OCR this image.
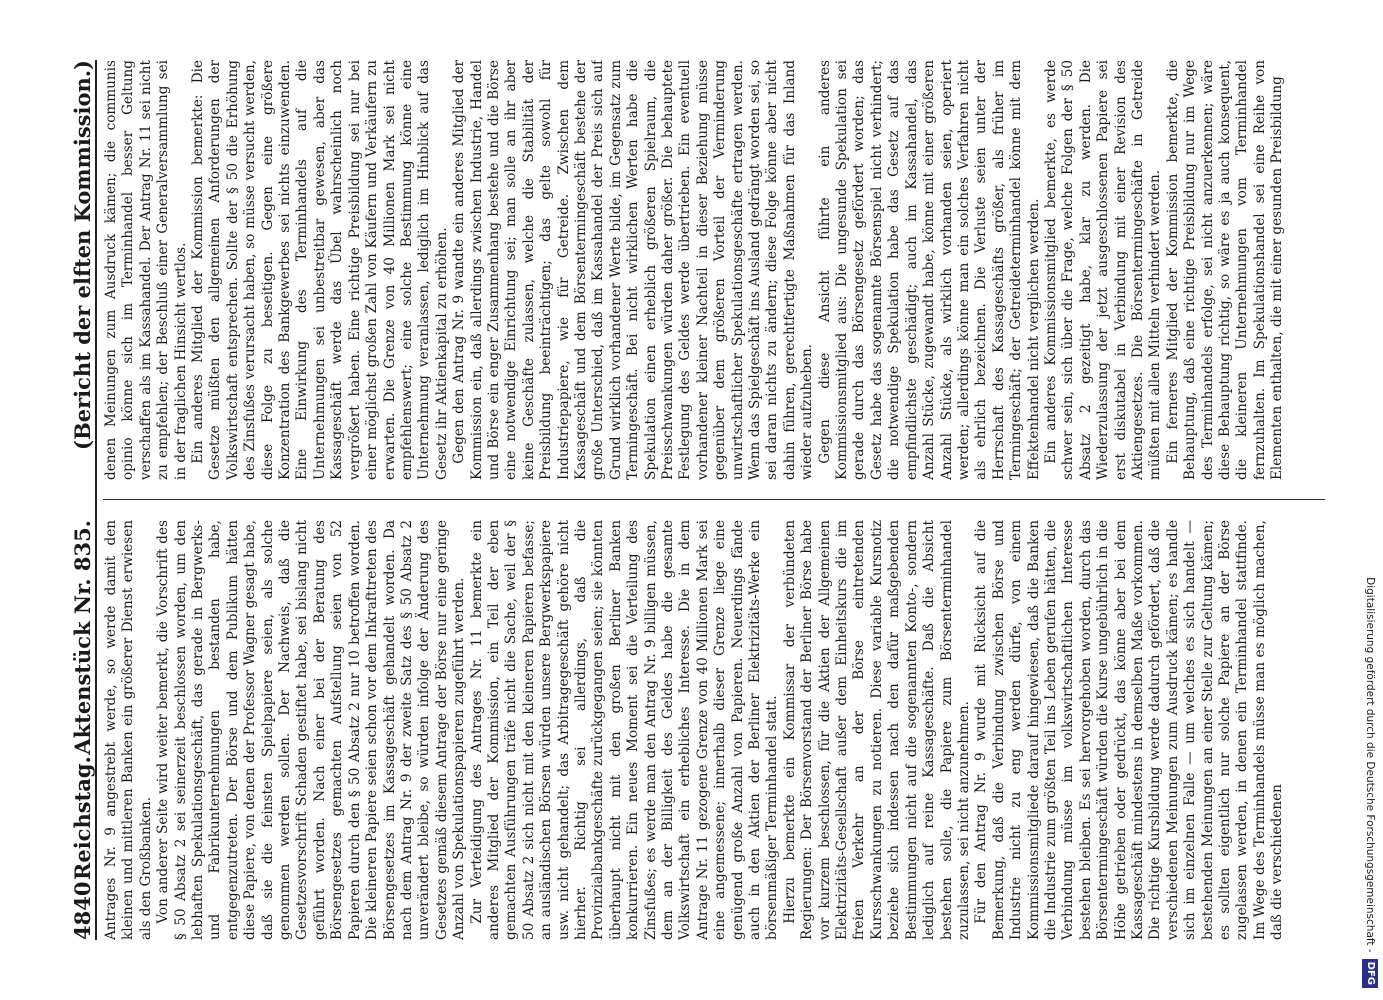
4840
Reichstag.
Aktenstück Nr. 835.
(Bericht der elften Kommission.)

Antrages Nr. 9 angestrebt werde, so werde damit den kleinen und mittleren Banken ein größerer Dienst erwiesen als den Großbanken. Von anderer Seite wird weiter bemerkt, die Vorschrift des § 50 Absatz 2 sei seinerzeit beschlossen worden, um den lebhaften Spekulationsgeschäft, das gerade in Bergwerks- und Fabrikunternehmungen bestanden habe, entgegenzutreten. Der Börse und dem Publikum hätten diese Papiere, von denen der Professor Wagner gesagt habe, daß sie die feinsten Spielpapiere seien, als solche genommen werden sollen. Der Nachweis, daß die Gesetzesvorschrift Schaden gestiftet habe, sei bislang nicht geführt worden. Nach einer bei der Beratung des Börsengesetzes gemachten Aufstellung seien von 52 Papieren durch den § 50 Absatz 2 nur 10 betroffen worden. Die kleineren Papiere seien schon vor dem Inkrafttreten des Börsengesetzes im Kassageschäft gehandelt worden. Da nach dem Antrag Nr. 9 der zweite Satz des § 50 Absatz 2 unverändert bleibe, so würden infolge der Änderung des Gesetzes gemäß diesem Antrage der Börse nur eine geringe Anzahl von Spekulationspapieren zugeführt werden. Zur Verteidigung des Antrages Nr. 11 bemerkte ein anderes Mitglied der Kommission, ein Teil der eben gemachten Ausführungen träfe nicht die Sache, weil der § 50 Absatz 2 sich nicht mit den kleineren Papieren befasse; an ausländischen Börsen würden unsere Bergwerkspapiere usw. nicht gehandelt; das Arbitragegeschäft gehöre nicht hierher. Richtig sei allerdings, daß die Provinzialbankgeschäfte zurückgegangen seien; sie könnten überhaupt nicht mit den großen Berliner Banken konkurrieren. Ein neues Moment sei die Verteilung des Zinsfußes; es werde man den Antrag Nr. 9 billigen müssen, dem an der Billigkeit des Geldes habe die gesamte Volkswirtschaft ein erhebliches Interesse. Die in dem Antrage Nr. 11 gezogene Grenze von 40 Millionen Mark sei eine angemessene; innerhalb dieser Grenze liege eine genügend große Anzahl von Papieren. Neuerdings fände auch in den Aktien der Berliner Elektrizitäts-Werke ein börsenmäßiger Terminhandel statt. Hierzu bemerkte ein Kommissar der verbündeten Regierungen: Der Börsenvorstand der Berliner Börse habe vor kurzem beschlossen, für die Aktien der Allgemeinen Elektrizitäts-Gesellschaft außer dem Einheitskurs die im freien Verkehr an der Börse eintretenden Kursschwankungen zu notieren. Diese variable Kursnotiz beziehe sich indessen nach den dafür maßgebenden Bestimmungen nicht auf die sogenannten Konto-, sondern lediglich auf reine Kassageschäfte. Daß die Absicht bestehen solle, die Papiere zum Börsenterminhandel zuzulassen, sei nicht anzunehmen. Für den Antrag Nr. 9 wurde mit Rücksicht auf die Bemerkung, daß die Verbindung zwischen Börse und Industrie nicht zu eng werden dürfe, von einem Kommissionsmitgliede darauf hingewiesen, daß die Banken die Industrie zum größten Teil ins Leben gerufen hätten, die Verbindung müsse im volkswirtschaftlichen Interesse bestehen bleiben. Es sei hervorgehoben worden, durch das Börsentermingeschäft würden die Kurse ungebührlich in die Höhe getrieben oder gedrückt, das könne aber bei dem Kassageschäft mindestens in demselben Maße vorkommen. Die richtige Kursbildung werde dadurch gefördert, daß die verschiedenen Meinungen zum Ausdruck kämen; es handle sich im einzelnen Falle — um welches es sich handelt — bestehenden Meinungen an einer Stelle zur Geltung kämen; es sollten eigentlich nur solche Papiere an der Börse zugelassen werden, in denen ein Terminhandel stattfinde. Im Wege des Terminhandels müsse man es möglich machen, daß die verschiedenen

denen Meinungen zum Ausdruck kämen; die communis opinio könne sich im Terminhandel besser Geltung verschaffen als im Kassahandel. Der Antrag Nr. 11 sei nicht zu empfehlen; der Beschluß einer Generalversammlung sei in der fraglichen Hinsicht wertlos. Ein anderes Mitglied der Kommission bemerkte: Die Gesetze müßten den allgemeinen Anforderungen der Volkswirtschaft entsprechen. Sollte der § 50 die Erhöhung des Zinsfußes verursacht haben, so müsse versucht werden, diese Folge zu beseitigen. Gegen eine größere Konzentration des Bankgewerbes sei nichts einzuwenden. Eine Einwirkung des Terminhandels auf die Unternehmungen sei unbestreitbar gewesen, aber das Kassageschäft werde das Übel wahrscheinlich noch vergrößert haben. Eine richtige Preisbildung sei nur bei einer möglichst großen Zahl von Käufern und Verkäufern zu erwarten. Die Grenze von 40 Millionen Mark sei nicht empfehlenswert; eine solche Bestimmung könne eine Unternehmung veranlassen, lediglich im Hinblick auf das Gesetz ihr Aktienkapital zu erhöhen. Gegen den Antrag Nr. 9 wandte ein anderes Mitglied der Kommission ein, daß allerdings zwischen Industrie, Handel und Börse ein enger Zusammenhang bestehe und die Börse eine notwendige Einrichtung sei; man solle an ihr aber keine Geschäfte zulassen, welche die Stabilität der Preisbildung beeinträchtigen; das gelte sowohl für Industriepapiere, wie für Getreide. Zwischen dem Kassageschäft und dem Börsentermingeschäft bestehe der große Unterschied, daß im Kassahandel der Preis sich auf Grund wirklich vorhandener Werte bilde, im Gegensatz zum Termingeschäft. Bei nicht wirklichen Werten habe die Spekulation einen erheblich größeren Spielraum, die Preisschwankungen würden daher größer. Die behauptete Festlegung des Geldes werde übertrieben. Ein eventuell vorhandener kleiner Nachteil in dieser Beziehung müsse gegenüber dem größeren Vorteil der Verminderung unwirtschaftlicher Spekulationsgeschäfte ertragen werden. Wenn das Spielgeschäft ins Ausland gedrängt worden sei, so sei daran nichts zu ändern; diese Folge könne aber nicht dahin führen, gerechtfertigte Maßnahmen für das Inland wieder aufzuheben. Gegen diese Ansicht führte ein anderes Kommissionsmitglied aus: Die ungesunde Spekulation sei gerade durch das Börsengesetz gefördert worden; das Gesetz habe das sogenannte Börsenspiel nicht verhindert; die notwendige Spekulation habe das Gesetz auf das empfindlichste geschädigt; auch im Kassahandel, das Anzahl Stücke, zugewandt habe, könne mit einer größeren Anzahl Stücke, als wirklich vorhanden seien, operiert werden; allerdings könne man ein solches Verfahren nicht als ehrlich bezeichnen. Die Verluste seien unter der Herrschaft des Kassageschäfts größer, als früher im Termingeschäft; der Getreideterminhandel könne mit dem Effektenhandel nicht verglichen werden. Ein anderes Kommissionsmitglied bemerkte, es werde schwer sein, sich über die Frage, welche Folgen der § 50 Absatz 2 gezeitigt habe, klar zu werden. Die Wiederzulassung der jetzt ausgeschlossenen Papiere sei erst diskutabel in Verbindung mit einer Revision des Aktiengesetzes. Die Börsentermingeschäfte in Getreide müßten mit allen Mitteln verhindert werden. Ein ferneres Mitglied der Kommission bemerkte, die Behauptung, daß eine richtige Preisbildung nur im Wege des Terminhandels erfolge, sei nicht anzuerkennen; wäre diese Behauptung richtig, so wäre es ja auch konsequent, die kleineren Unternehmungen vom Terminhandel fernzuhalten. Im Spekulationshandel sei eine Reihe von Elementen enthalten, die mit einer gesunden Preisbildung

Digitalisierung gefördert durch die Deutsche Forschungsgemeinschaft -
DFG
